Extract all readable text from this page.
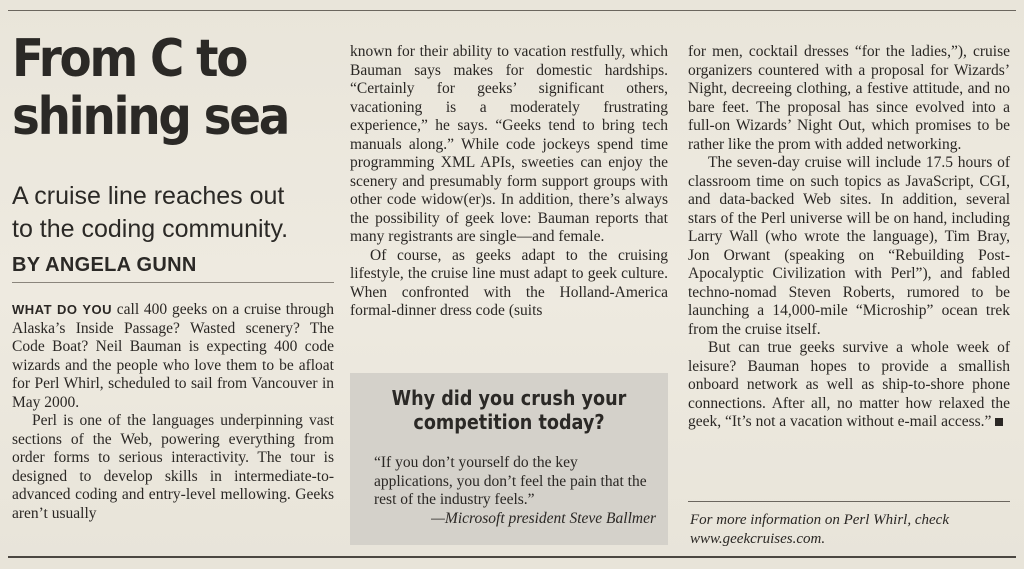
From C to
shining sea
A cruise line reaches out
to the coding community.
BY ANGELA GUNN

WHAT DO YOU call 400 geeks on a cruise through Alaska’s Inside Passage? Wasted scenery? The Code Boat? Neil Bauman is expecting 400 code wizards and the people who love them to be afloat for Perl Whirl, scheduled to sail from Vancouver in May 2000.

Perl is one of the languages underpinning vast sections of the Web, powering everything from order forms to serious interactivity. The tour is designed to develop skills in intermediate-to-advanced coding and entry-level mellowing. Geeks aren’t usually

known for their ability to vacation restfully, which Bauman says makes for domestic hardships. “Certainly for geeks’ significant others, vacationing is a moderately frustrating experience,” he says. “Geeks tend to bring tech manuals along.” While code jockeys spend time programming XML APIs, sweeties can enjoy the scenery and presumably form support groups with other code widow(er)s. In addition, there’s always the possibility of geek love: Bauman reports that many registrants are single—and female.

Of course, as geeks adapt to the cruising lifestyle, the cruise line must adapt to geek culture. When confronted with the Holland-America formal-dinner dress code (suits

Why did you crush your
competition today?
“If you don’t yourself do the key applications, you don’t feel the pain that the rest of the industry feels.”
—Microsoft president Steve Ballmer

for men, cocktail dresses “for the ladies,”), cruise organizers countered with a proposal for Wizards’ Night, decreeing clothing, a festive attitude, and no bare feet. The proposal has since evolved into a full-on Wizards’ Night Out, which promises to be rather like the prom with added networking.

The seven-day cruise will include 17.5 hours of classroom time on such topics as JavaScript, CGI, and data-backed Web sites. In addition, several stars of the Perl universe will be on hand, including Larry Wall (who wrote the language), Tim Bray, Jon Orwant (speaking on “Rebuilding Post-Apocalyptic Civilization with Perl”), and fabled techno-nomad Steven Roberts, rumored to be launching a 14,000-mile “Microship” ocean trek from the cruise itself.

But can true geeks survive a whole week of leisure? Bauman hopes to provide a smallish onboard network as well as ship-to-shore phone connections. After all, no matter how relaxed the geek, “It’s not a vacation without e-mail access.”

For more information on Perl Whirl, check
www.geekcruises.com.
